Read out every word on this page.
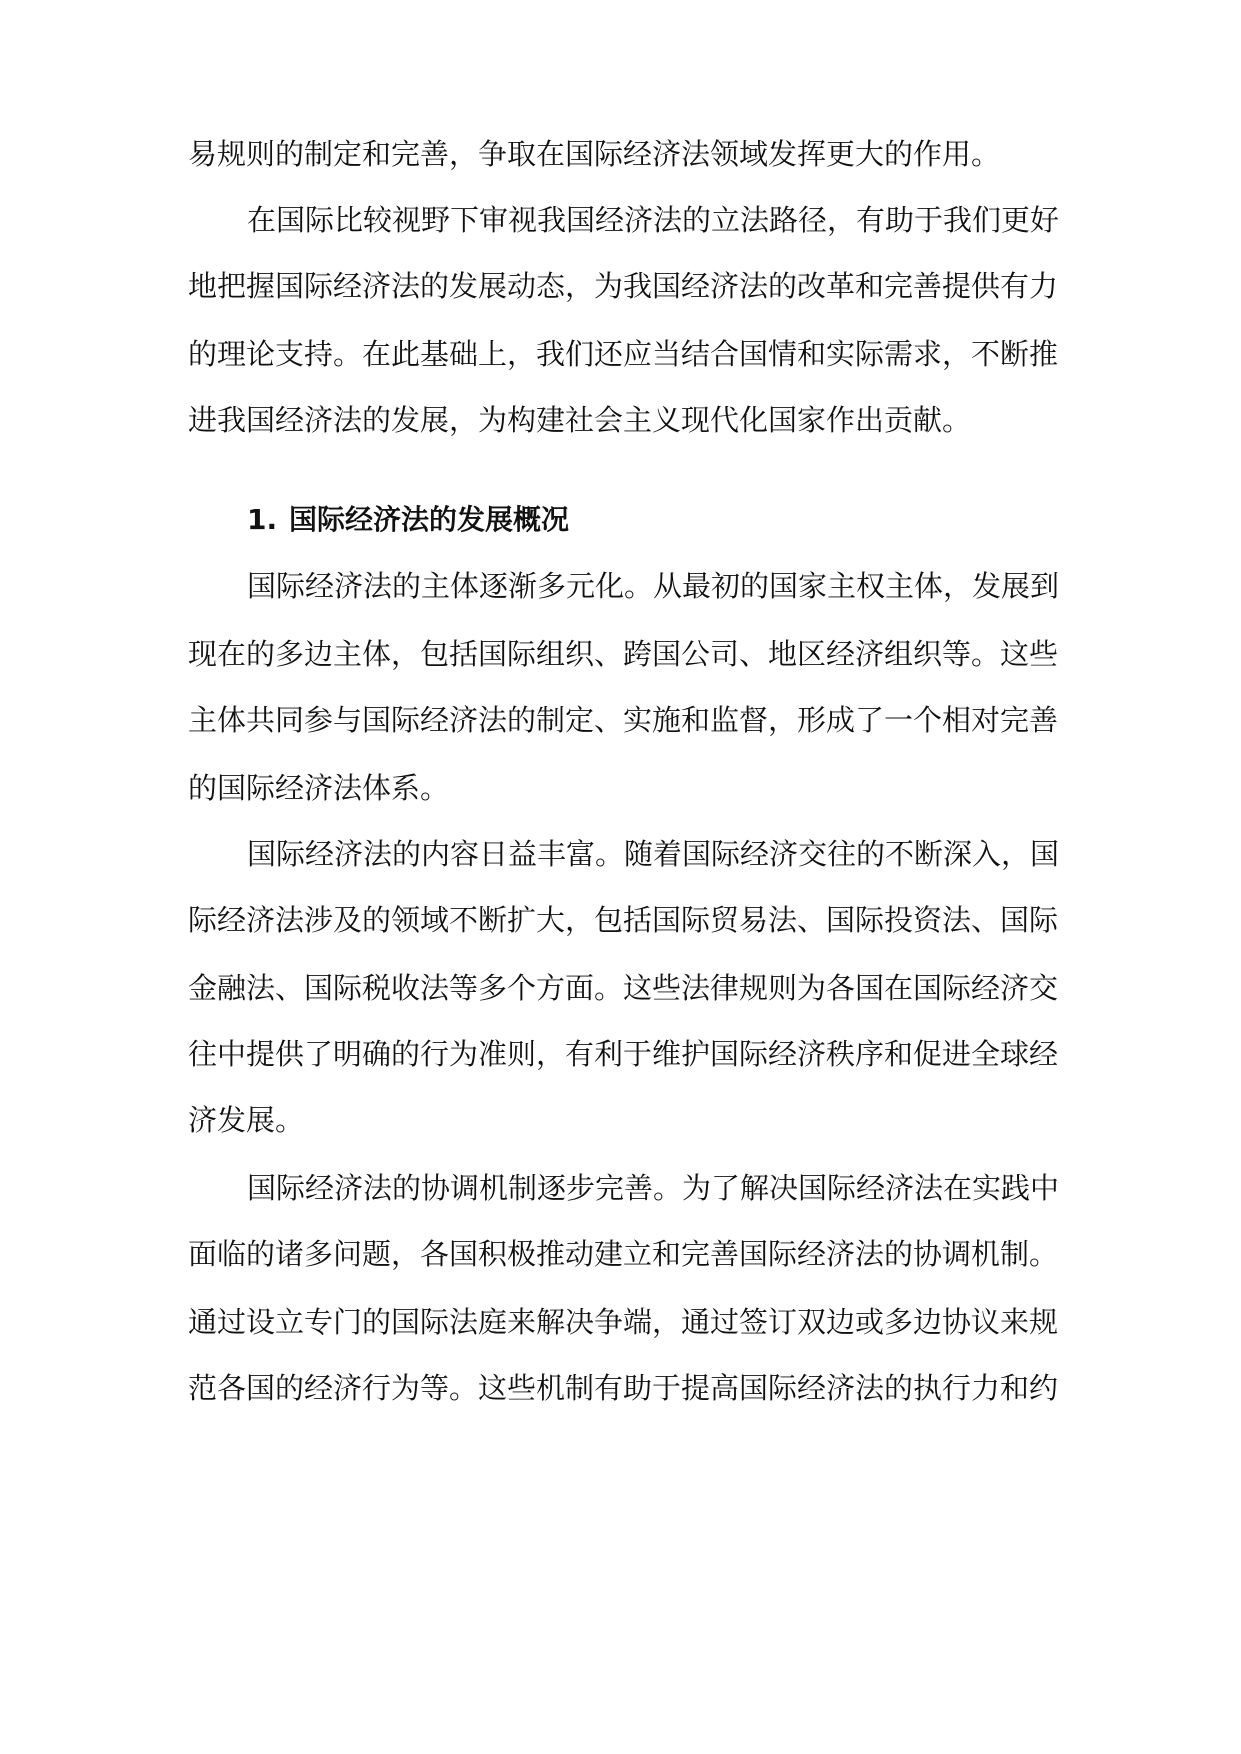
易规则的制定和完善，争取在国际经济法领域发挥更大的作用。
在国际比较视野下审视我国经济法的立法路径，有助于我们更好
地把握国际经济法的发展动态，为我国经济法的改革和完善提供有力
的理论支持。在此基础上，我们还应当结合国情和实际需求，不断推
进我国经济法的发展，为构建社会主义现代化国家作出贡献。
1. 国际经济法的发展概况
国际经济法的主体逐渐多元化。从最初的国家主权主体，发展到
现在的多边主体，包括国际组织、跨国公司、地区经济组织等。这些
主体共同参与国际经济法的制定、实施和监督，形成了一个相对完善
的国际经济法体系。
国际经济法的内容日益丰富。随着国际经济交往的不断深入，国
际经济法涉及的领域不断扩大，包括国际贸易法、国际投资法、国际
金融法、国际税收法等多个方面。这些法律规则为各国在国际经济交
往中提供了明确的行为准则，有利于维护国际经济秩序和促进全球经
济发展。
国际经济法的协调机制逐步完善。为了解决国际经济法在实践中
面临的诸多问题，各国积极推动建立和完善国际经济法的协调机制。
通过设立专门的国际法庭来解决争端，通过签订双边或多边协议来规
范各国的经济行为等。这些机制有助于提高国际经济法的执行力和约
